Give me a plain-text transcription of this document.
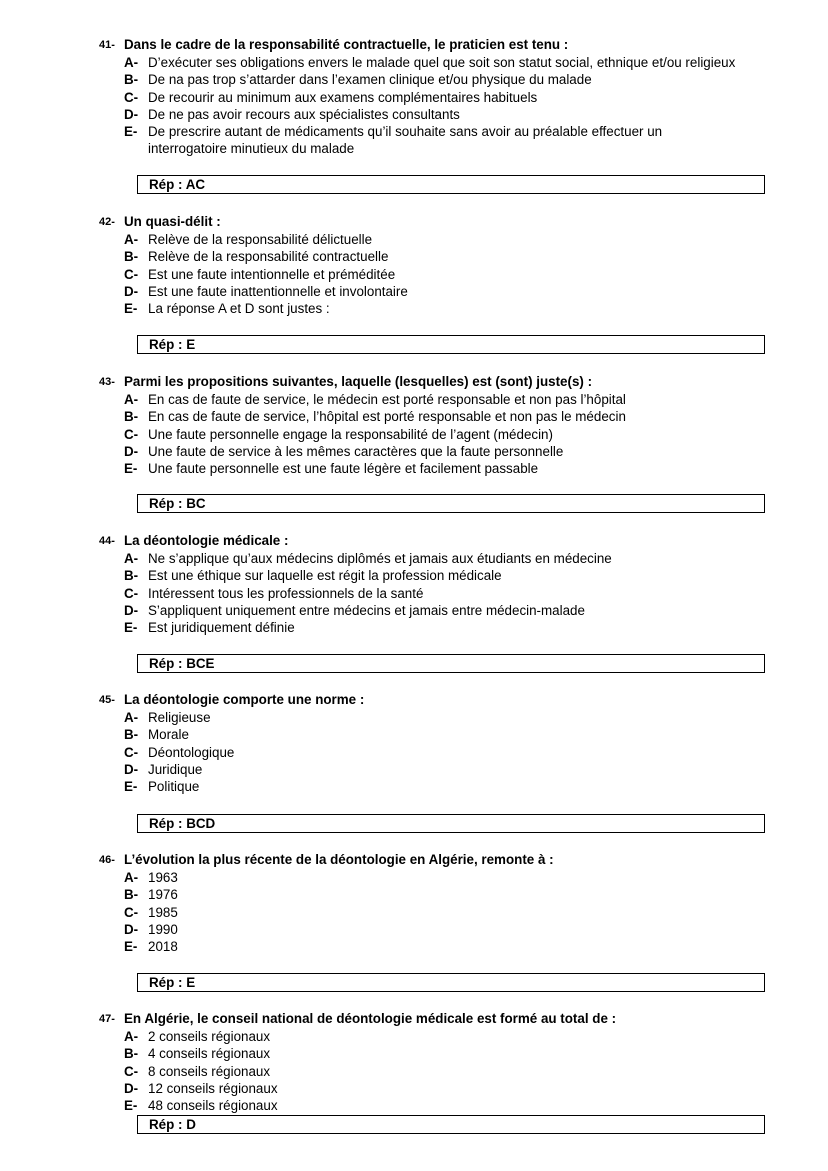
41- Dans le cadre de la responsabilité contractuelle, le praticien est tenu :
A- D’exécuter ses obligations envers le malade quel que soit son statut social, ethnique et/ou religieux
B- De na pas trop s’attarder dans l’examen clinique et/ou physique du malade
C- De recourir au minimum aux examens complémentaires habituels
D- De ne pas avoir recours aux spécialistes consultants
E- De prescrire autant de médicaments qu’il souhaite sans avoir au préalable effectuer un interrogatoire minutieux du malade
Rép : AC
42- Un quasi-délit :
A- Relève de la responsabilité délictuelle
B- Relève de la responsabilité contractuelle
C- Est une faute intentionnelle et préméditée
D- Est une faute inattentionnelle et involontaire
E- La réponse A et D sont justes :
Rép : E
43- Parmi les propositions suivantes, laquelle (lesquelles) est (sont) juste(s) :
A- En cas de faute de service, le médecin est porté responsable et non pas l’hôpital
B- En cas de faute de service, l’hôpital est porté responsable et non pas le médecin
C- Une faute personnelle engage la responsabilité de l’agent (médecin)
D- Une faute de service à les mêmes caractères que la faute personnelle
E- Une faute personnelle est une faute légère et facilement passable
Rép : BC
44- La déontologie médicale :
A- Ne s’applique qu’aux médecins diplômés et jamais aux étudiants en médecine
B- Est une éthique sur laquelle est régit la profession médicale
C- Intéressent tous les professionnels de la santé
D- S’appliquent uniquement entre médecins et jamais entre médecin-malade
E- Est juridiquement définie
Rép : BCE
45- La déontologie comporte une norme :
A- Religieuse
B- Morale
C- Déontologique
D- Juridique
E- Politique
Rép : BCD
46- L’évolution la plus récente de la déontologie en Algérie, remonte à :
A- 1963
B- 1976
C- 1985
D- 1990
E- 2018
Rép : E
47- En Algérie, le conseil national de déontologie médicale est formé au total de :
A- 2 conseils régionaux
B- 4 conseils régionaux
C- 8 conseils régionaux
D- 12 conseils régionaux
E- 48 conseils régionaux
Rép : D
